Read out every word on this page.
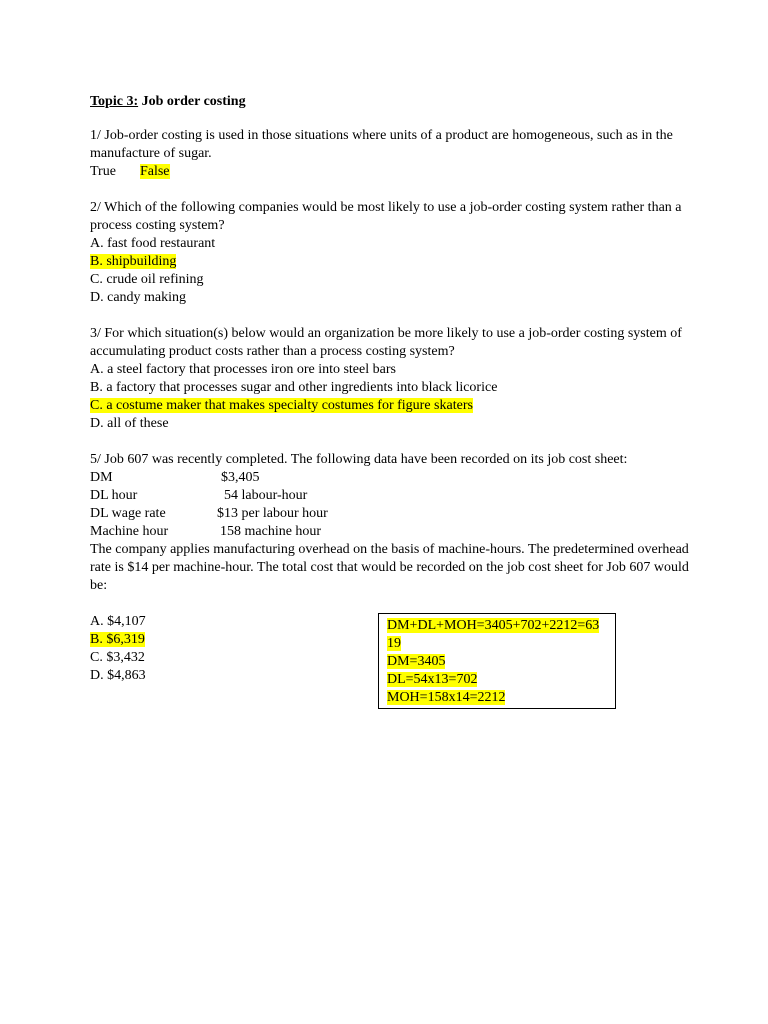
Topic 3: Job order costing
1/ Job-order costing is used in those situations where units of a product are homogeneous, such as in the manufacture of sugar.
True False
2/ Which of the following companies would be most likely to use a job-order costing system rather than a process costing system?
A. fast food restaurant
B. shipbuilding
C. crude oil refining
D. candy making
3/ For which situation(s) below would an organization be more likely to use a job-order costing system of accumulating product costs rather than a process costing system?
A. a steel factory that processes iron ore into steel bars
B. a factory that processes sugar and other ingredients into black licorice
C. a costume maker that makes specialty costumes for figure skaters
D. all of these
5/ Job 607 was recently completed. The following data have been recorded on its job cost sheet:
DM	$3,405
DL hour	54 labour-hour
DL wage rate	$13 per labour hour
Machine hour	158 machine hour
The company applies manufacturing overhead on the basis of machine-hours. The predetermined overhead rate is $14 per machine-hour. The total cost that would be recorded on the job cost sheet for Job 607 would be:
A. $4,107
B. $6,319
C. $3,432
D. $4,863
DM+DL+MOH=3405+702+2212=63
19
DM=3405
DL=54x13=702
MOH=158x14=2212
